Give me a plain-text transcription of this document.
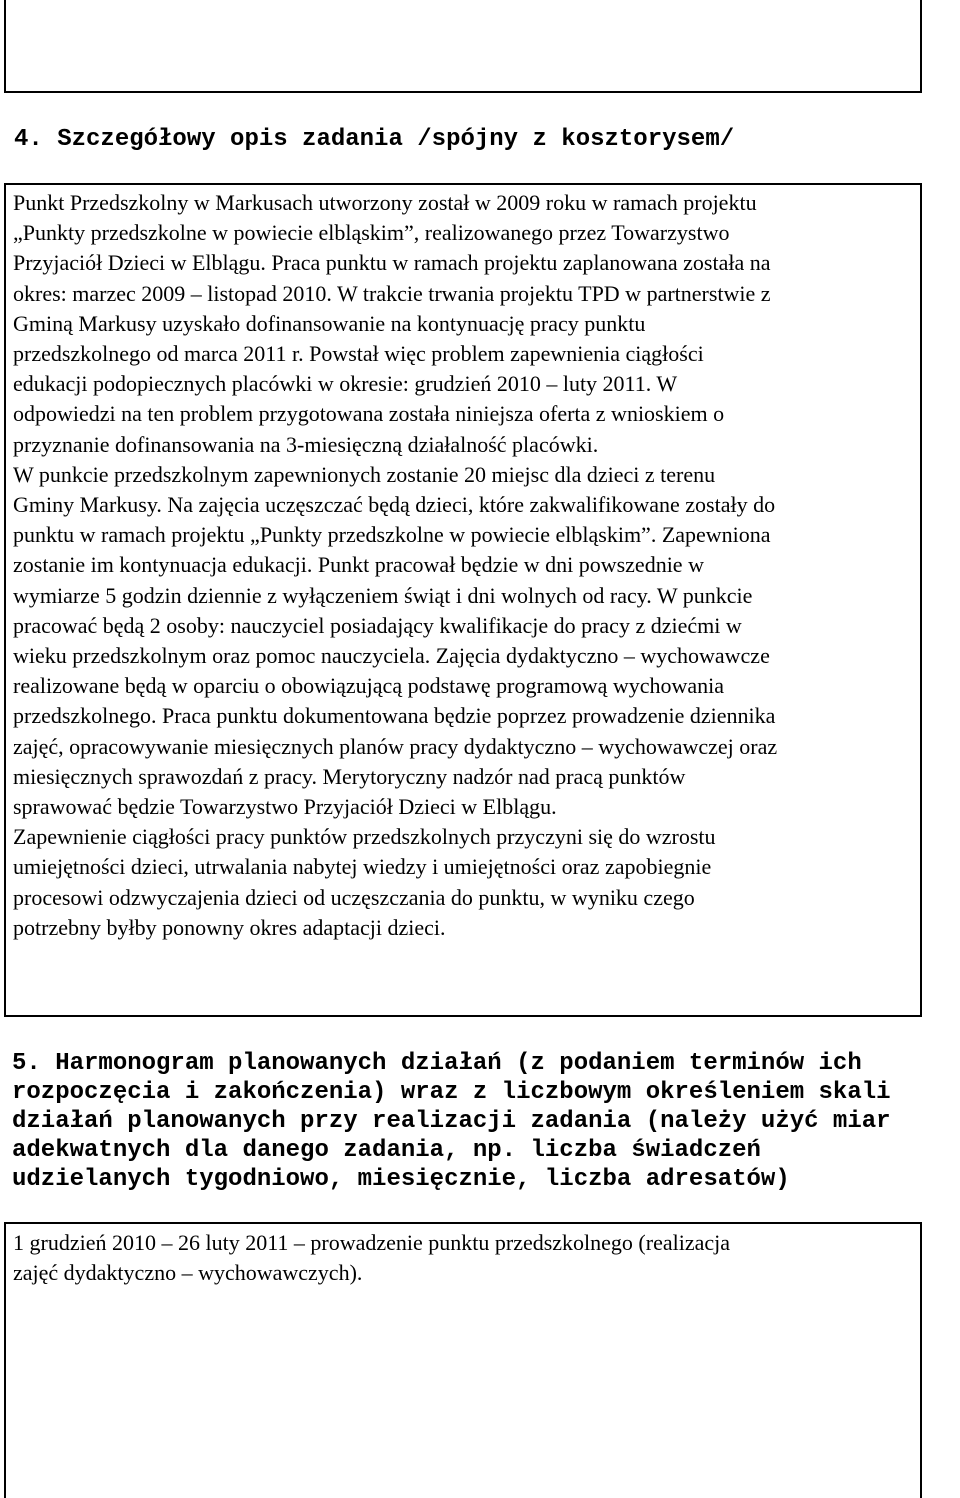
4. Szczegółowy opis zadania /spójny z kosztorysem/

Punkt Przedszkolny w Markusach utworzony został w 2009 roku w ramach projektu
„Punkty przedszkolne w powiecie elbląskim”, realizowanego przez Towarzystwo
Przyjaciół Dzieci w Elblągu. Praca punktu w ramach projektu zaplanowana została na
okres: marzec 2009 – listopad 2010. W trakcie trwania projektu TPD w partnerstwie z
Gminą Markusy uzyskało dofinansowanie na kontynuację pracy punktu
przedszkolnego od marca 2011 r. Powstał więc problem zapewnienia ciągłości
edukacji podopiecznych placówki w okresie: grudzień 2010 – luty 2011. W
odpowiedzi na ten problem przygotowana została niniejsza oferta z wnioskiem o
przyznanie dofinansowania na 3-miesięczną działalność placówki.
W punkcie przedszkolnym zapewnionych zostanie 20 miejsc dla dzieci z terenu
Gminy Markusy. Na zajęcia uczęszczać będą dzieci, które zakwalifikowane zostały do
punktu w ramach projektu „Punkty przedszkolne w powiecie elbląskim”. Zapewniona
zostanie im kontynuacja edukacji. Punkt pracował będzie w dni powszednie w
wymiarze 5 godzin dziennie z wyłączeniem świąt i dni wolnych od racy. W punkcie
pracować będą 2 osoby: nauczyciel posiadający kwalifikacje do pracy z dziećmi w
wieku przedszkolnym oraz pomoc nauczyciela. Zajęcia dydaktyczno – wychowawcze
realizowane będą w oparciu o obowiązującą podstawę programową wychowania
przedszkolnego. Praca punktu dokumentowana będzie poprzez prowadzenie dziennika
zajęć, opracowywanie miesięcznych planów pracy dydaktyczno – wychowawczej oraz
miesięcznych sprawozdań z pracy. Merytoryczny nadzór nad pracą punktów
sprawować będzie Towarzystwo Przyjaciół Dzieci w Elblągu.
Zapewnienie ciągłości pracy punktów przedszkolnych przyczyni się do wzrostu
umiejętności dzieci, utrwalania nabytej wiedzy i umiejętności oraz zapobiegnie
procesowi odzwyczajenia dzieci od uczęszczania do punktu, w wyniku czego
potrzebny byłby ponowny okres adaptacji dzieci.

5. Harmonogram planowanych działań (z podaniem terminów ich
rozpoczęcia i zakończenia) wraz z liczbowym określeniem skali
działań planowanych przy realizacji zadania (należy użyć miar
adekwatnych dla danego zadania, np. liczba świadczeń
udzielanych tygodniowo, miesięcznie, liczba adresatów)

1 grudzień 2010 – 26 luty 2011 – prowadzenie punktu przedszkolnego (realizacja
zajęć dydaktyczno – wychowawczych).
